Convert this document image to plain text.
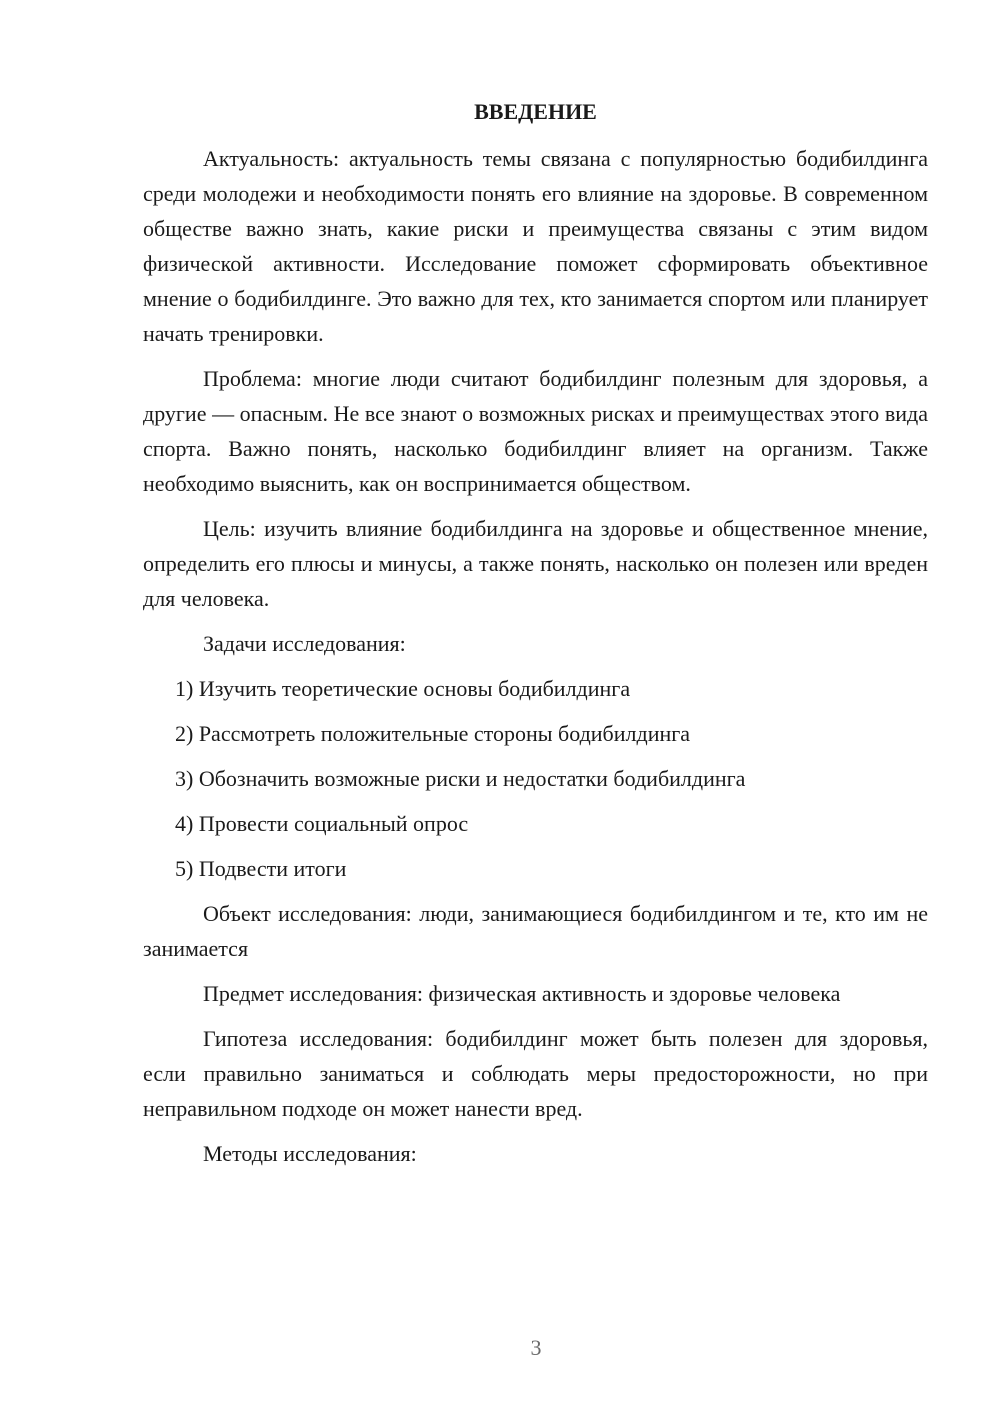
ВВЕДЕНИЕ

Актуальность: актуальность темы связана с популярностью бодибилдинга среди молодежи и необходимости понять его влияние на здоровье. В современном обществе важно знать, какие риски и преимущества связаны с этим видом физической активности. Исследование поможет сформировать объективное мнение о бодибилдинге. Это важно для тех, кто занимается спортом или планирует начать тренировки.

Проблема: многие люди считают бодибилдинг полезным для здоровья, а другие — опасным. Не все знают о возможных рисках и преимуществах этого вида спорта. Важно понять, насколько бодибилдинг влияет на организм. Также необходимо выяснить, как он воспринимается обществом.

Цель: изучить влияние бодибилдинга на здоровье и общественное мнение, определить его плюсы и минусы, а также понять, насколько он полезен или вреден для человека.

Задачи исследования:

1) Изучить теоретические основы бодибилдинга

2) Рассмотреть положительные стороны бодибилдинга

3) Обозначить возможные риски и недостатки бодибилдинга

4) Провести социальный опрос

5) Подвести итоги

Объект исследования: люди, занимающиеся бодибилдингом и те, кто им не занимается

Предмет исследования: физическая активность и здоровье человека

Гипотеза исследования: бодибилдинг может быть полезен для здоровья, если правильно заниматься и соблюдать меры предосторожности, но при неправильном подходе он может нанести вред.

Методы исследования:

3
